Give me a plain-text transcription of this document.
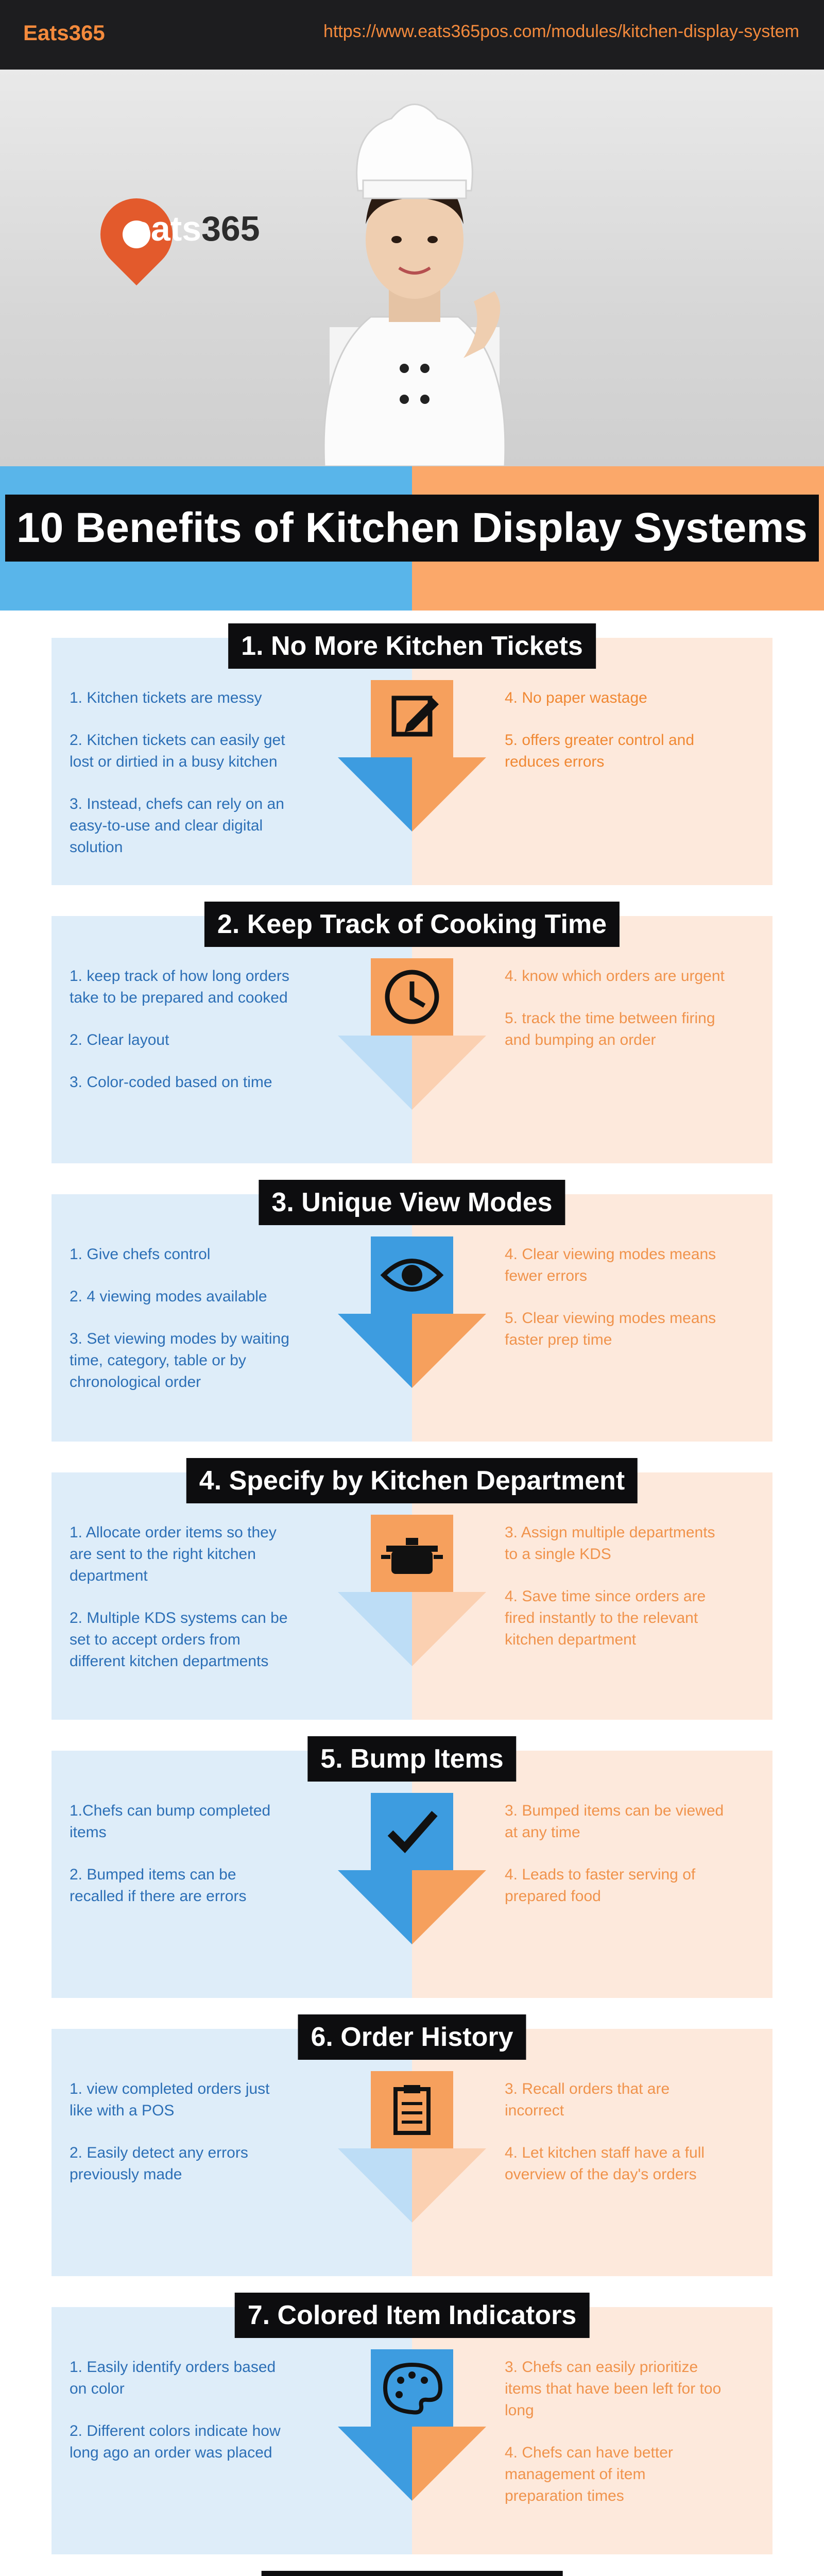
Eats365	https://www.eats365pos.com/modules/kitchen-display-system
eats365
10 Benefits of Kitchen Display Systems
1. No More Kitchen Tickets

1. Kitchen tickets are messy

2. Kitchen tickets can easily get lost or dirtied in a busy kitchen

3. Instead, chefs can rely on an easy-to-use and clear digital solution

4. No paper wastage

5. offers greater control and reduces errors

2. Keep Track of Cooking Time

1. keep track of how long orders take to be prepared and cooked

2. Clear layout

3. Color-coded based on time

4. know which orders are urgent

5. track the time between firing and bumping an order

3. Unique View Modes

1. Give chefs control

2. 4 viewing modes available

3. Set viewing modes by waiting time, category, table or by chronological order

4. Clear viewing modes means fewer errors

5. Clear viewing modes means faster prep time

4. Specify by Kitchen Department

1. Allocate order items so they are sent to the right kitchen department

2. Multiple KDS systems can be set to accept orders from different kitchen departments

3. Assign multiple departments to a single KDS

4. Save time since orders are fired instantly to the relevant kitchen department

5. Bump Items

1.Chefs can bump completed items

2. Bumped items can be recalled if there are errors

3. Bumped items can be viewed at any time

4. Leads to faster serving of prepared food

6. Order History

1. view completed orders just like with a POS

2. Easily detect any errors previously made

3. Recall orders that are incorrect

4. Let kitchen staff have a full overview of the day's orders

7. Colored Item Indicators

1. Easily identify orders based on color

2. Different colors indicate how long ago an order was placed

3. Chefs can easily prioritize items that have been left for too long

4. Chefs can have better management of item preparation times
